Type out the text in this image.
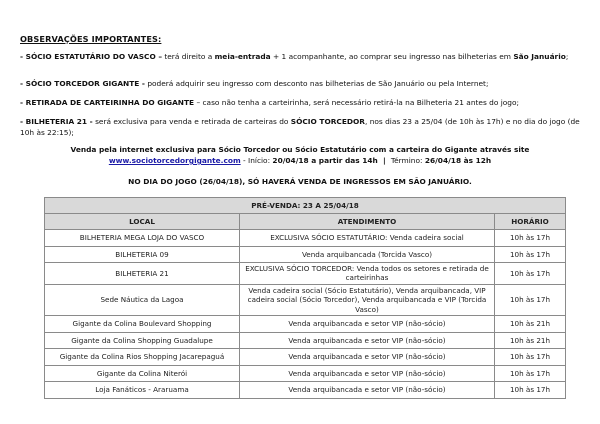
OBSERVAÇÕES IMPORTANTES:
- SÓCIO ESTATUTÁRIO DO VASCO – terá direito a meia-entrada + 1 acompanhante, ao comprar seu ingresso nas bilheterias em São Januário;
- SÓCIO TORCEDOR GIGANTE - poderá adquirir seu ingresso com desconto nas bilheterias de São Januário ou pela Internet;
- RETIRADA DE CARTEIRINHA DO GIGANTE – caso não tenha a carteirinha, será necessário retirá-la na Bilheteria 21 antes do jogo;
- BILHETERIA 21 - será exclusiva para venda e retirada de carteiras do SÓCIO TORCEDOR, nos dias 23 a 25/04 (de 10h às 17h) e no dia do jogo (de 10h às 22:15);
Venda pela internet exclusiva para Sócio Torcedor ou Sócio Estatutário com a carteira do Gigante através site
www.sociotorcedorgigante.com - Início: 20/04/18 a partir das 14h  |  Término: 26/04/18 às 12h
NO DIA DO JOGO (26/04/18), SÓ HAVERÁ VENDA DE INGRESSOS EM SÃO JANUÁRIO.
PRÉ-VENDA: 23 A 25/04/18		
LOCAL	ATENDIMENTO	HORÁRIO
BILHETERIA MEGA LOJA DO VASCO	EXCLUSIVA SÓCIO ESTATUTÁRIO: Venda cadeira social	10h às 17h
BILHETERIA 09	Venda arquibancada (Torcida Vasco)	10h às 17h
BILHETERIA 21	EXCLUSIVA SÓCIO TORCEDOR: Venda todos os setores e retirada de carteirinhas	10h às 17h
Sede Náutica da Lagoa	Venda cadeira social (Sócio Estatutário), Venda arquibancada, VIP cadeira social (Sócio Torcedor), Venda arquibancada e VIP (Torcida Vasco)	10h às 17h
Gigante da Colina Boulevard Shopping	Venda arquibancada e setor VIP (não-sócio)	10h às 21h
Gigante da Colina Shopping Guadalupe	Venda arquibancada e setor VIP (não-sócio)	10h às 21h
Gigante da Colina Rios Shopping Jacarepaguá	Venda arquibancada e setor VIP (não-sócio)	10h às 17h
Gigante da Colina Niterói	Venda arquibancada e setor VIP (não-sócio)	10h às 17h
Loja Fanáticos - Araruama	Venda arquibancada e setor VIP (não-sócio)	10h às 17h
